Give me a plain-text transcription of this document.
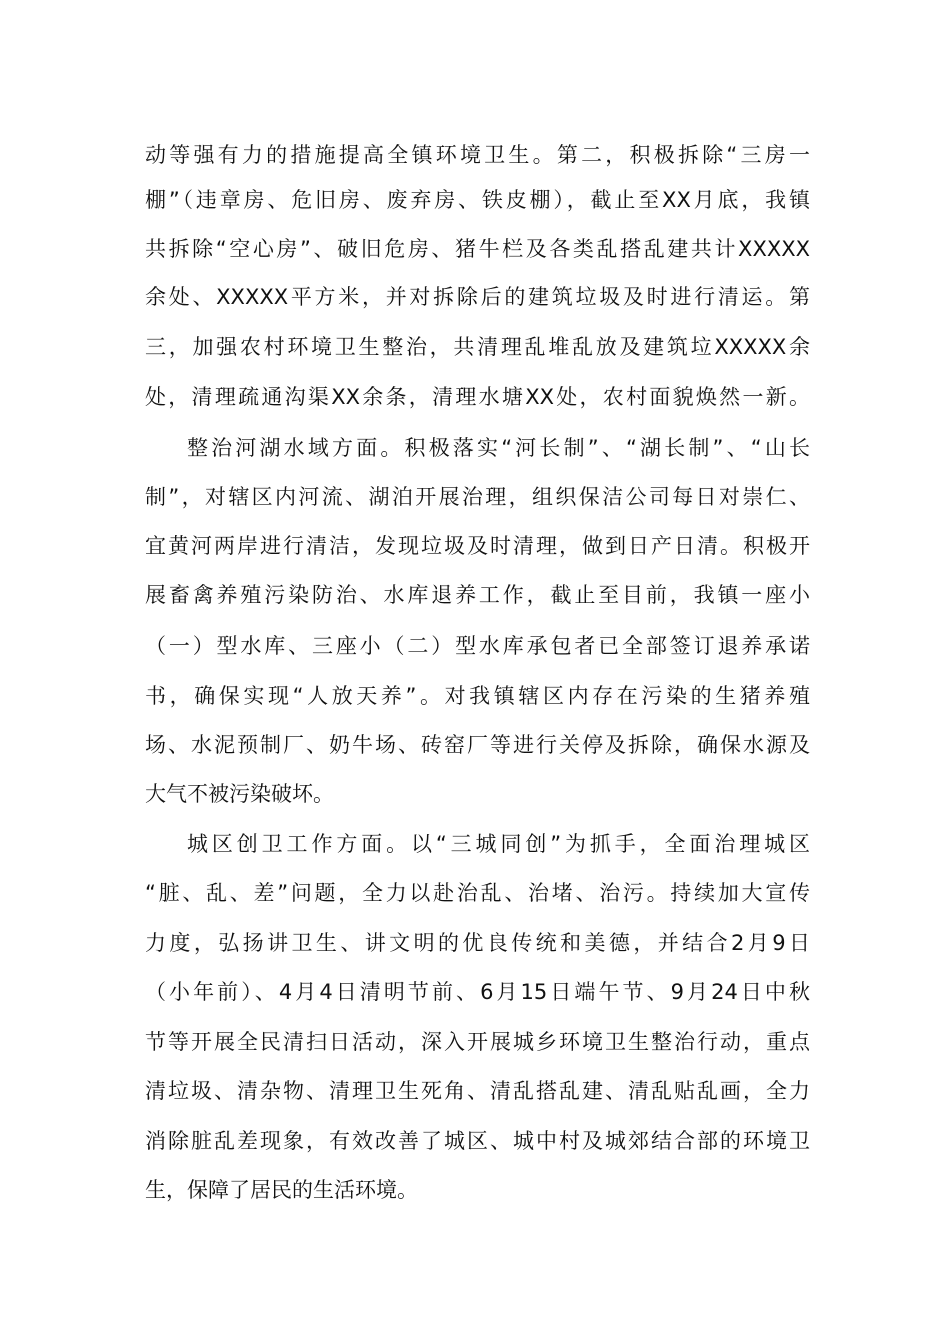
动等强有力的措施提高全镇环境卫生。第二，积极拆除“三房一
棚”（违章房、危旧房、废弃房、铁皮棚），截止至XX月底，我镇
共拆除“空心房”、破旧危房、猪牛栏及各类乱搭乱建共计XXXXX
余处、XXXXX平方米，并对拆除后的建筑垃圾及时进行清运。第
三，加强农村环境卫生整治，共清理乱堆乱放及建筑垃XXXXX余
处，清理疏通沟渠XX余条，清理水塘XX处，农村面貌焕然一新。
整治河湖水域方面。积极落实“河长制”、“湖长制”、“山长
制”，对辖区内河流、湖泊开展治理，组织保洁公司每日对崇仁、
宜黄河两岸进行清洁，发现垃圾及时清理，做到日产日清。积极开
展畜禽养殖污染防治、水库退养工作，截止至目前，我镇一座小
（一）型水库、三座小（二）型水库承包者已全部签订退养承诺
书，确保实现“人放天养”。对我镇辖区内存在污染的生猪养殖
场、水泥预制厂、奶牛场、砖窑厂等进行关停及拆除，确保水源及
大气不被污染破坏。
城区创卫工作方面。以“三城同创”为抓手，全面治理城区
“脏、乱、差”问题，全力以赴治乱、治堵、治污。持续加大宣传
力度，弘扬讲卫生、讲文明的优良传统和美德，并结合2月9日
（小年前）、4月4日清明节前、6月15日端午节、9月24日中秋
节等开展全民清扫日活动，深入开展城乡环境卫生整治行动，重点
清垃圾、清杂物、清理卫生死角、清乱搭乱建、清乱贴乱画，全力
消除脏乱差现象，有效改善了城区、城中村及城郊结合部的环境卫
生，保障了居民的生活环境。
